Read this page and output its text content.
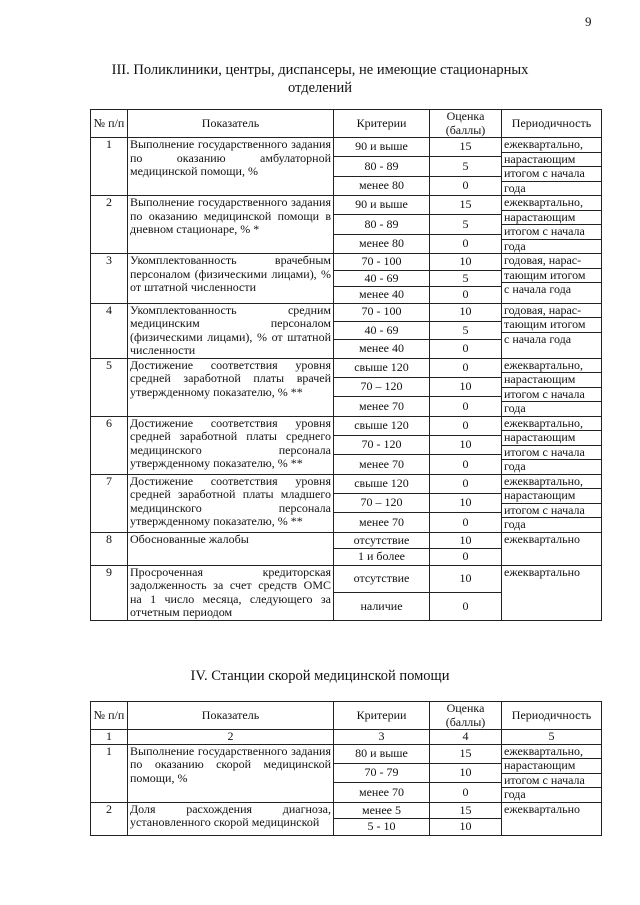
9
III. Поликлиники, центры, диспансеры, не имеющие стационарных
отделений
№ п/п	Показатель	Критерии	Оценка (баллы)	Периодичность
1	Выполнение государственного задания по оказанию амбулаторной медицинской помощи, %	90 и выше	15	ежеквартально,
нарастающим
итогом с начала
года

		80 - 89	5	
		менее 80	0	
2	Выполнение государственного задания по оказанию медицинской помощи в дневном стационаре, % *	90 и выше	15	ежеквартально,
нарастающим
итогом с начала
года

		80 - 89	5	
		менее 80	0	
3	Укомплектованность врачебным персоналом (физическими лицами), % от штатной численности	70 - 100	10	годовая, нарас-
тающим итогом
с начала года

		40 - 69	5	
		менее 40	0	
4	Укомплектованность средним медицинским персоналом (физическими лицами), % от штатной численности	70 - 100	10	годовая, нарас-
тающим итогом
с начала года

		40 - 69	5	
		менее 40	0	
5	Достижение соответствия уровня средней заработной платы врачей утвержденному показателю, % **	свыше 120	0	ежеквартально,
нарастающим
итогом с начала
года

		70 – 120	10	
		менее 70	0	
6	Достижение соответствия уровня средней заработной платы среднего медицинского персонала утвержденному показателю, % **	свыше 120	0	ежеквартально,
нарастающим
итогом с начала
года

		70 - 120	10	
		менее 70	0	
7	Достижение соответствия уровня средней заработной платы младшего медицинского персонала утвержденному показателю, % **	свыше 120	0	ежеквартально,
нарастающим
итогом с начала
года

		70 – 120	10	
		менее 70	0	
8	Обоснованные жалобы	отсутствие	10	ежеквартально

		1 и более	0	
9	Просроченная кредиторская задолженность за счет средств ОМС на 1 число месяца, следующего за отчетным периодом	отсутствие	10	ежеквартально

		наличие	0	
IV. Станции скорой медицинской помощи
№ п/п	Показатель	Критерии	Оценка (баллы)	Периодичность
1	2	3	4	5
1	Выполнение государственного задания по оказанию скорой медицинской помощи, %	80 и выше	15	ежеквартально,
нарастающим
итогом с начала
года

		70 - 79	10	
		менее 70	0	
2	Доля расхождения диагноза, установленного скорой медицинской	менее 5	15	ежеквартально

		5 - 10	10	
